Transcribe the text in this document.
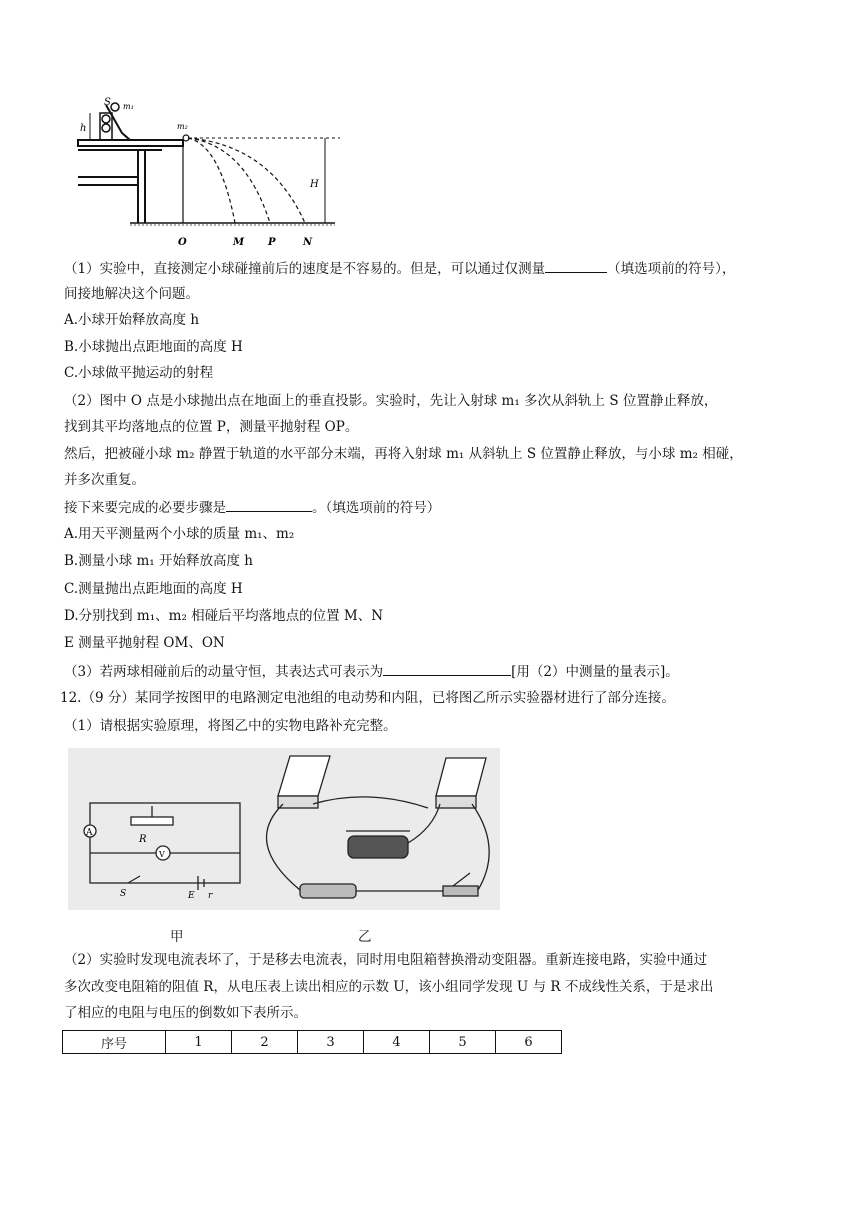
S m₁
h	m₂
H
O	M P	N
（1）实验中，直接测定小球碰撞前后的速度是不容易的。但是，可以通过仅测量	（填选项前的符号），
间接地解决这个问题。
A.小球开始释放高度 h
B.小球抛出点距地面的高度 H
C.小球做平抛运动的射程
（2）图中 O 点是小球抛出点在地面上的垂直投影。实验时，先让入射球 m₁ 多次从斜轨上 S 位置静止释放，
找到其平均落地点的位置 P，测量平抛射程 OP。
然后，把被碰小球 m₂ 静置于轨道的水平部分末端，再将入射球 m₁ 从斜轨上 S 位置静止释放，与小球 m₂ 相碰，
并多次重复。
接下来要完成的必要步骤是	。（填选项前的符号）
A.用天平测量两个小球的质量 m₁、m₂
B.测量小球 m₁ 开始释放高度 h
C.测量抛出点距地面的高度 H
D.分别找到 m₁、m₂ 相碰后平均落地点的位置 M、N
E 测量平抛射程 OM、ON
（3）若两球相碰前后的动量守恒，其表达式可表示为	[用（2）中测量的量表示]。
12.（9 分）某同学按图甲的电路测定电池组的电动势和内阻，已将图乙所示实验器材进行了部分连接。
（1）请根据实验原理，将图乙中的实物电路补充完整。
A
V
R
S	E r
甲	乙
（2）实验时发现电流表坏了，于是移去电流表，同时用电阻箱替换滑动变阻器。重新连接电路，实验中通过
多次改变电阻箱的阻值 R，从电压表上读出相应的示数 U，该小组同学发现 U 与 R 不成线性关系，于是求出
了相应的电阻与电压的倒数如下表所示。
序号	1	2	3	4	5	6
